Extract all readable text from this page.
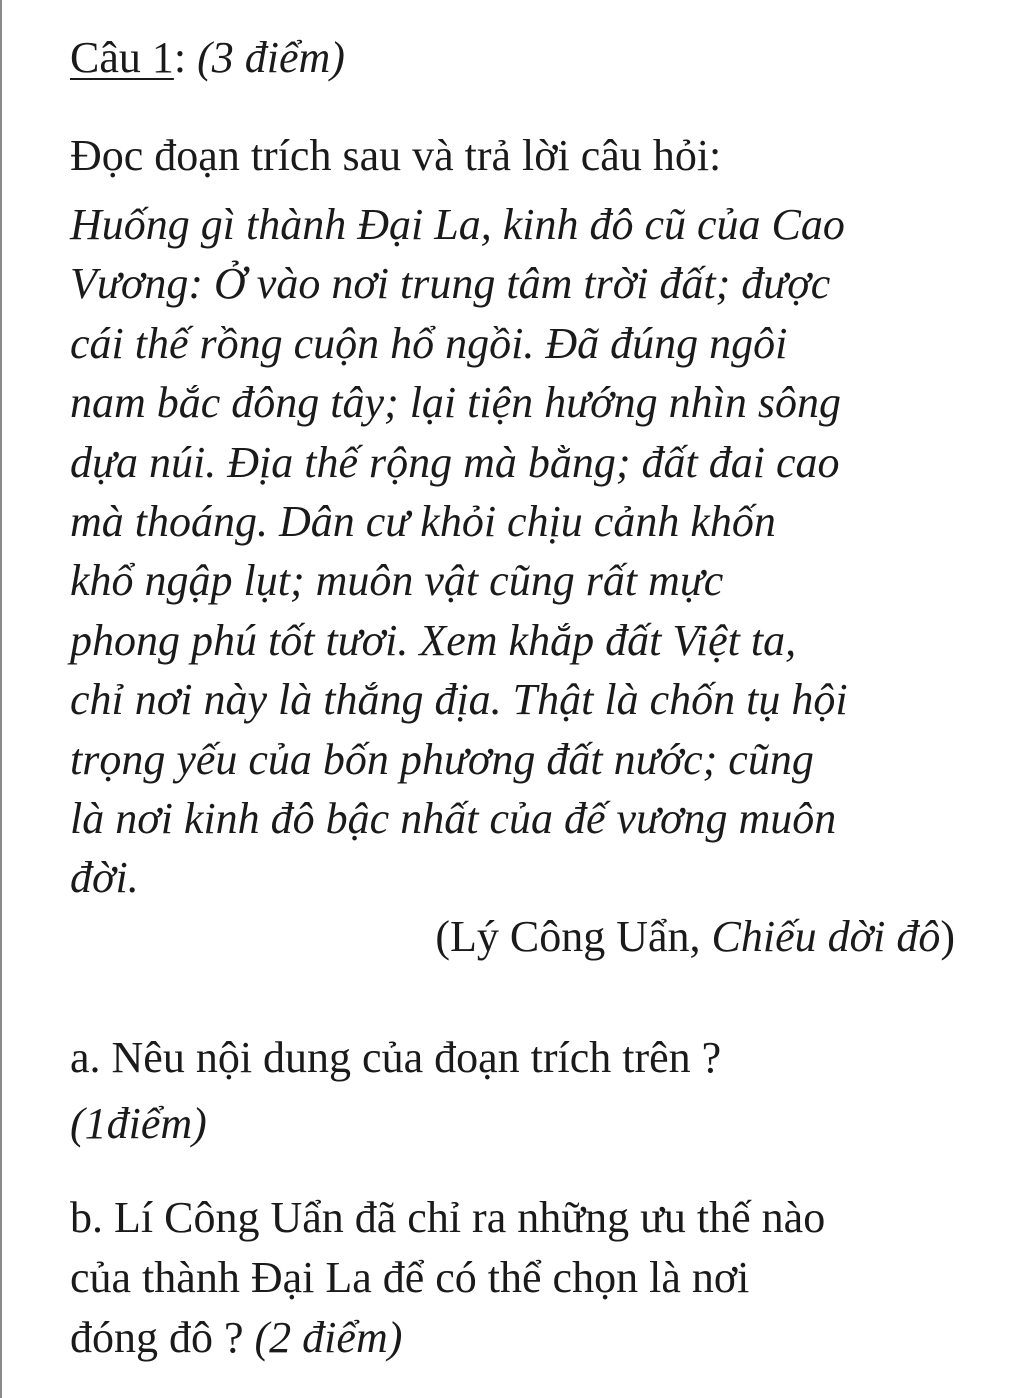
Câu 1: (3 điểm)
Đọc đoạn trích sau và trả lời câu hỏi:
Huống gì thành Đại La, kinh đô cũ của Cao
Vương: Ở vào nơi trung tâm trời đất; được
cái thế rồng cuộn hổ ngồi. Đã đúng ngôi
nam bắc đông tây; lại tiện hướng nhìn sông
dựa núi. Địa thế rộng mà bằng; đất đai cao
mà thoáng. Dân cư khỏi chịu cảnh khốn
khổ ngập lụt; muôn vật cũng rất mực
phong phú tốt tươi. Xem khắp đất Việt ta,
chỉ nơi này là thắng địa. Thật là chốn tụ hội
trọng yếu của bốn phương đất nước; cũng
là nơi kinh đô bậc nhất của đế vương muôn
đời.
(Lý Công Uẩn, Chiếu dời đô)
a. Nêu nội dung của đoạn trích trên ?
(1điểm)
b. Lí Công Uẩn đã chỉ ra những ưu thế nào
của thành Đại La để có thể chọn là nơi
đóng đô ? (2 điểm)
